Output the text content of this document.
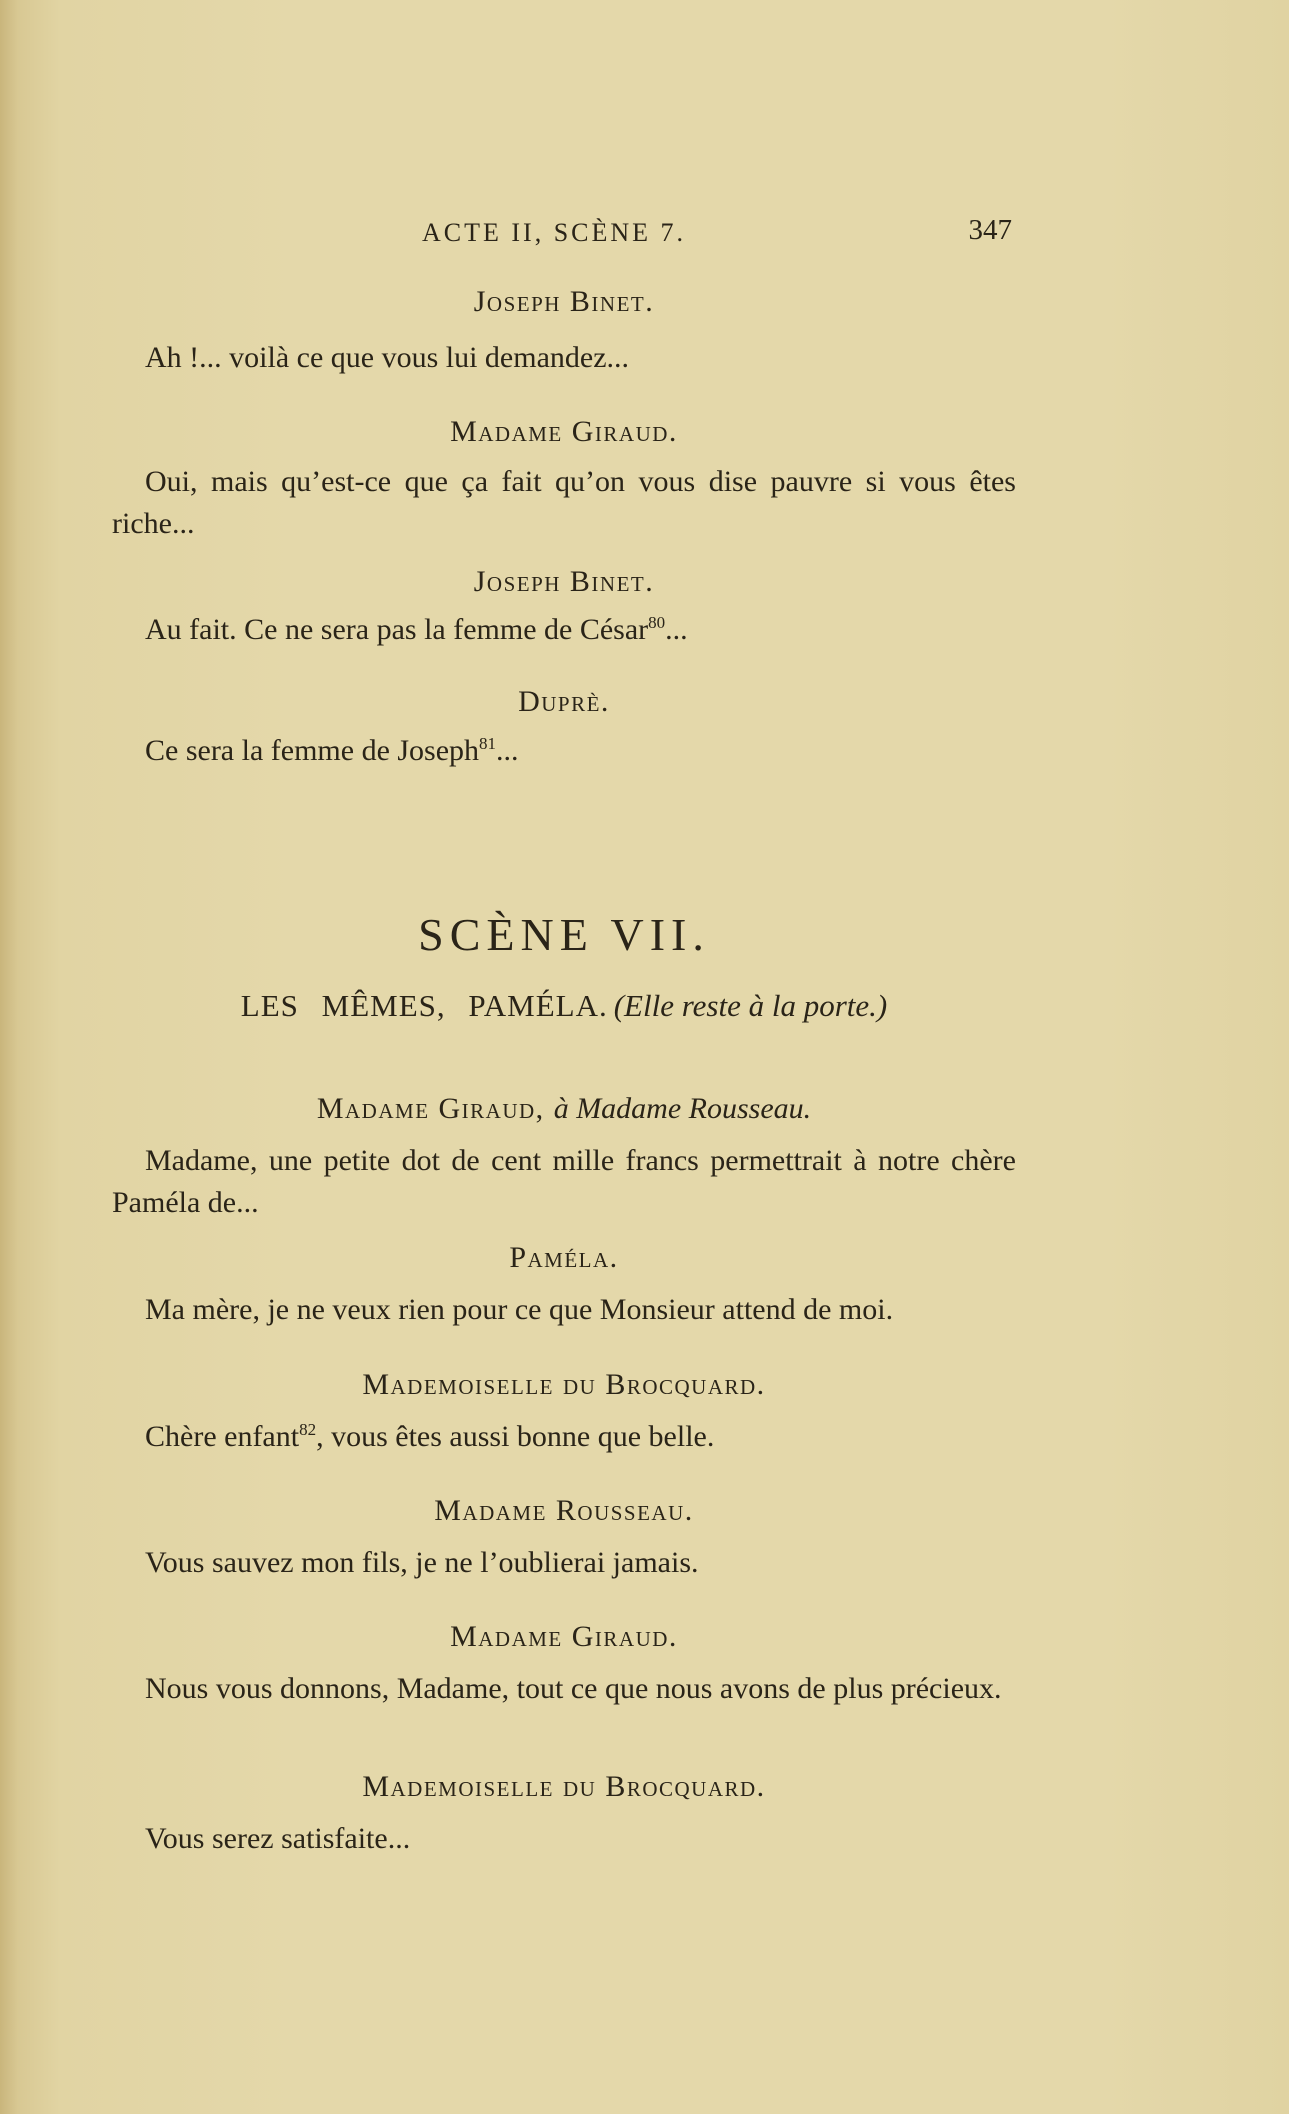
ACTE II, SCÈNE 7.	347
Joseph Binet.
Ah !... voilà ce que vous lui demandez...
Madame Giraud.
Oui, mais qu’est-ce que ça fait qu’on vous dise pauvre si vous êtes riche...
Joseph Binet.
Au fait. Ce ne sera pas la femme de César$^{80}$...
Duprè.
Ce sera la femme de Joseph$^{81}$...
SCÈNE VII.
LES MÊMES, PAMÉLA. (Elle reste à la porte.)
Madame Giraud, à Madame Rousseau.
Madame, une petite dot de cent mille francs permettrait à notre chère Paméla de...
Paméla.
Ma mère, je ne veux rien pour ce que Monsieur attend de moi.
Mademoiselle du Brocquard.
Chère enfant$^{82}$, vous êtes aussi bonne que belle.
Madame Rousseau.
Vous sauvez mon fils, je ne l’oublierai jamais.
Madame Giraud.
Nous vous donnons, Madame, tout ce que nous avons de plus précieux.
Mademoiselle du Brocquard.
Vous serez satisfaite...
